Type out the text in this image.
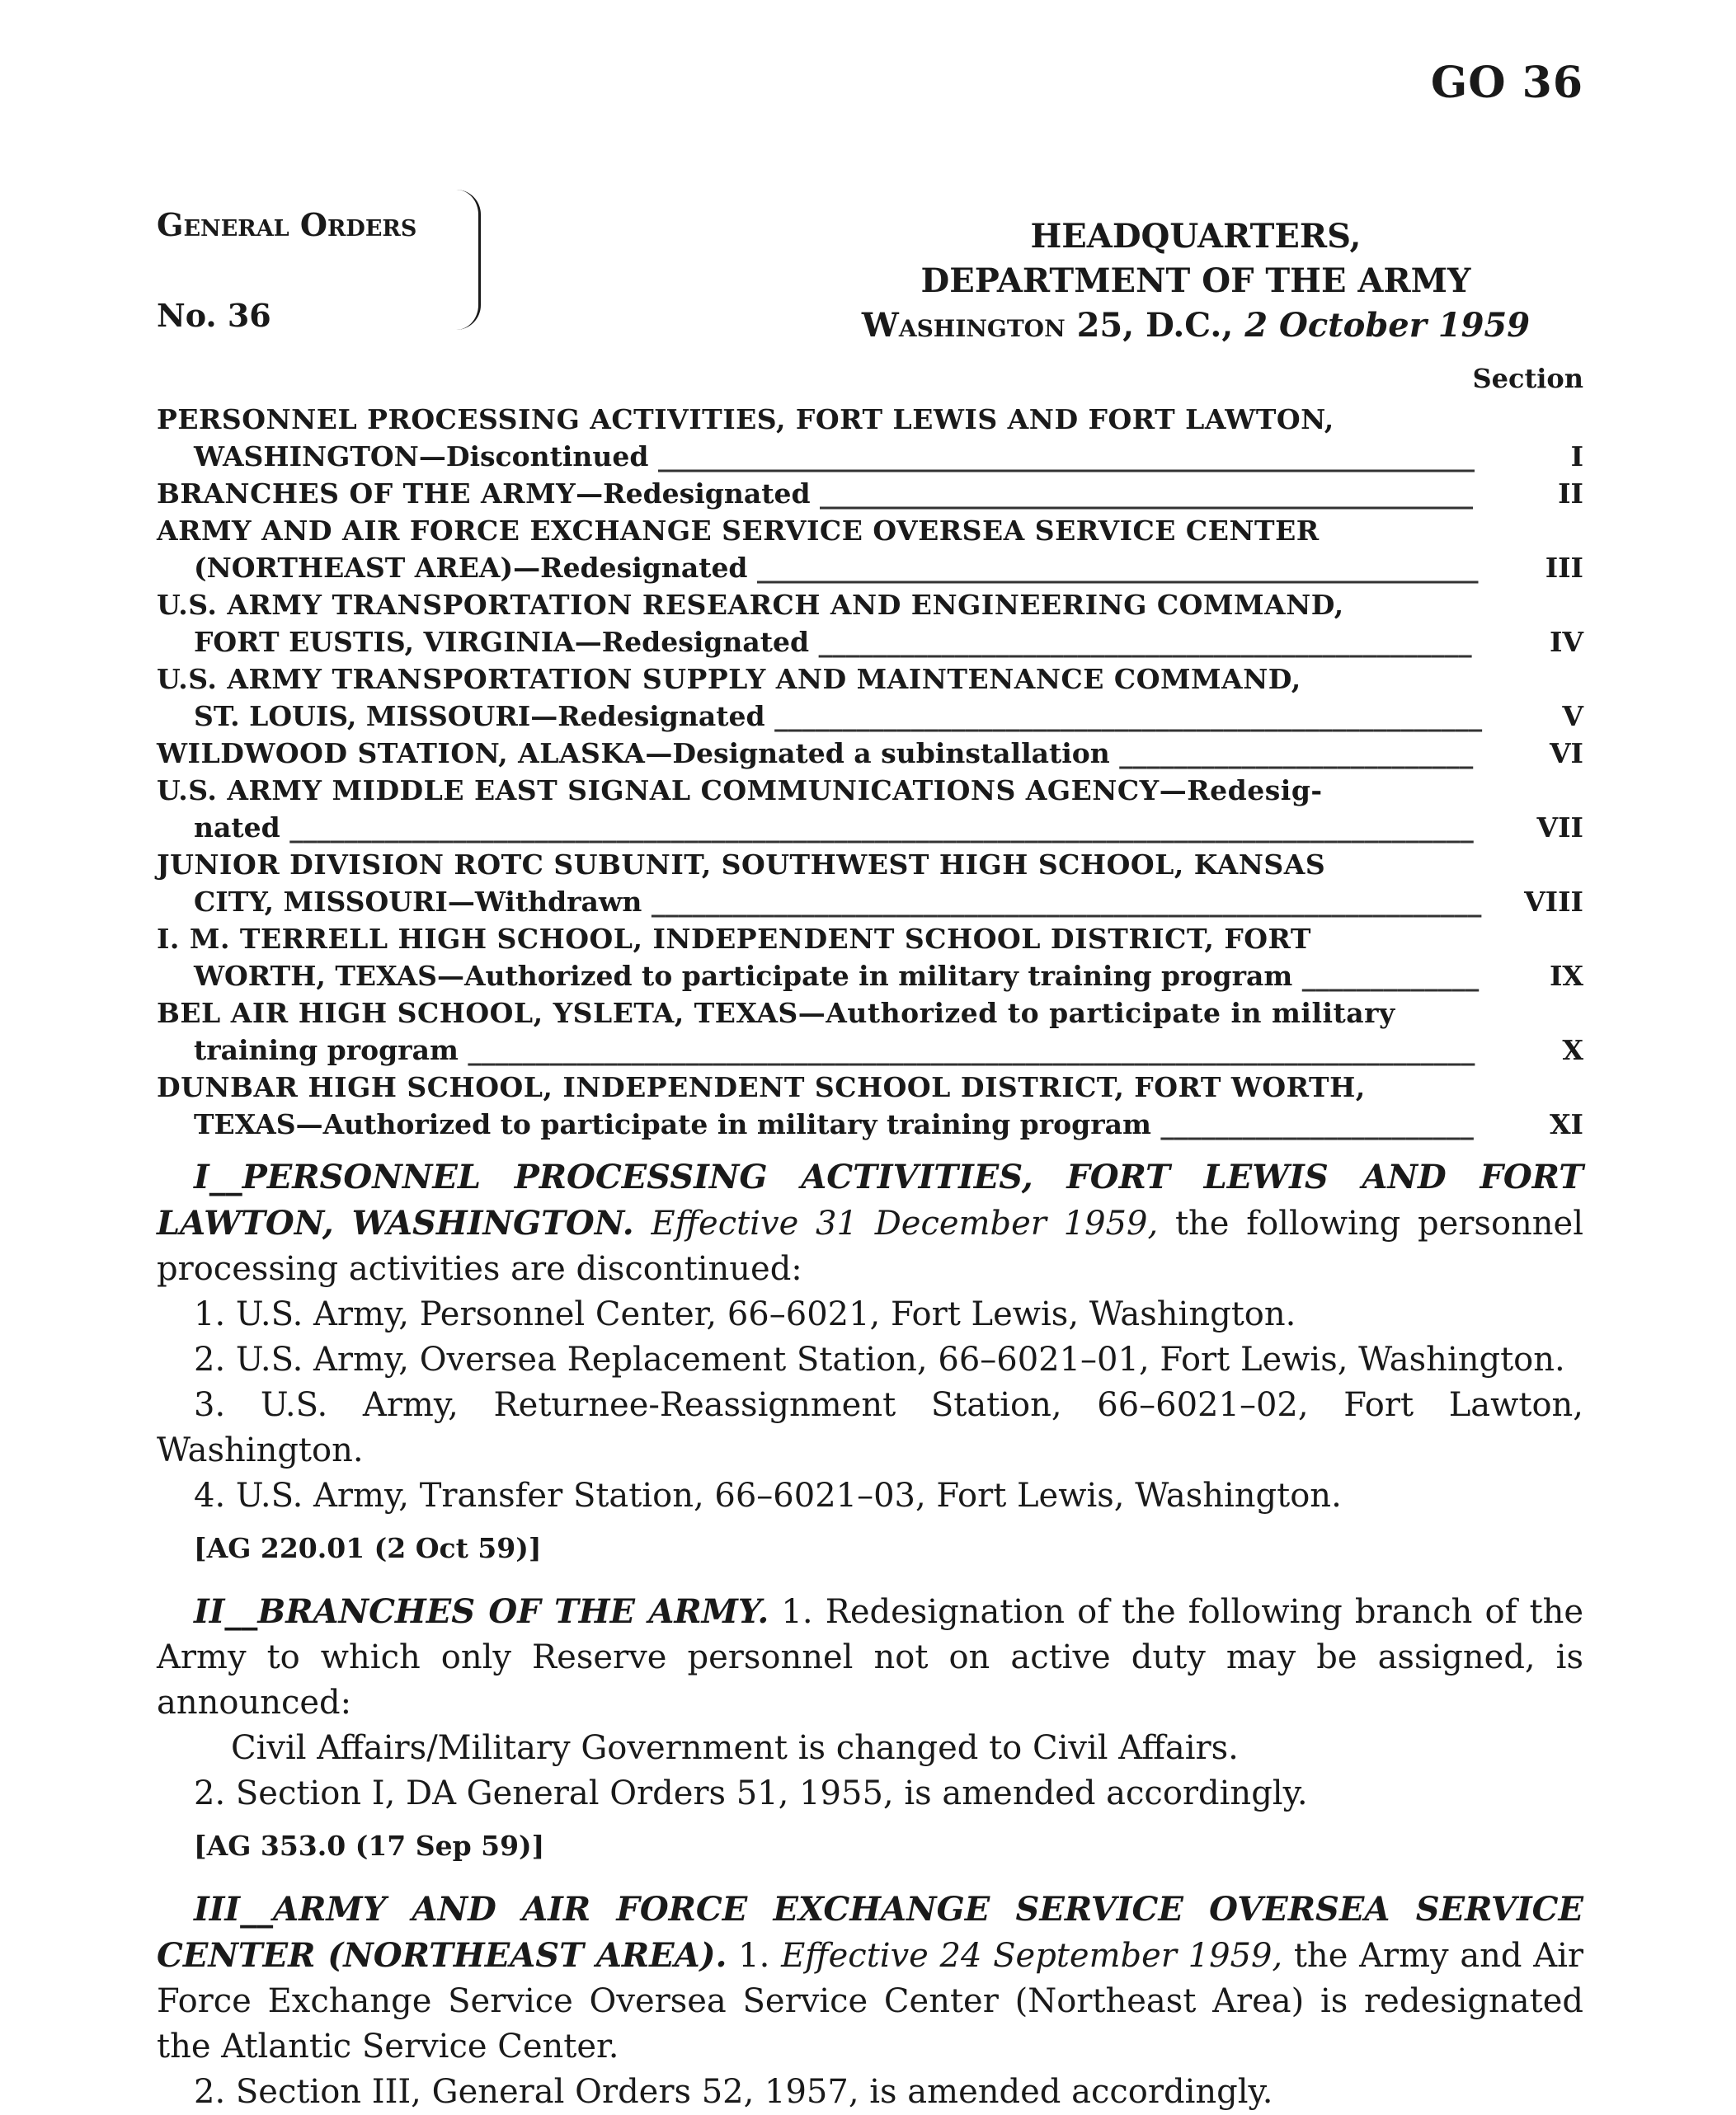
GO 36
General Orders
No. 36
HEADQUARTERS,
DEPARTMENT OF THE ARMY
Washington 25, D.C., 2 October 1959
Section
PERSONNEL PROCESSING ACTIVITIES, FORT LEWIS AND FORT LAWTON,
WASHINGTON—Discontinued ____________________________________________________________	I
BRANCHES OF THE ARMY—Redesignated ________________________________________________	II
ARMY AND AIR FORCE EXCHANGE SERVICE OVERSEA SERVICE CENTER
(NORTHEAST AREA)—Redesignated _____________________________________________________	III
U.S. ARMY TRANSPORTATION RESEARCH AND ENGINEERING COMMAND,
FORT EUSTIS, VIRGINIA—Redesignated ________________________________________________	IV
U.S. ARMY TRANSPORTATION SUPPLY AND MAINTENANCE COMMAND,
ST. LOUIS, MISSOURI—Redesignated ____________________________________________________	V
WILDWOOD STATION, ALASKA—Designated a subinstallation __________________________	VI
U.S. ARMY MIDDLE EAST SIGNAL COMMUNICATIONS AGENCY—Redesig-
nated _______________________________________________________________________________________	VII
JUNIOR DIVISION ROTC SUBUNIT, SOUTHWEST HIGH SCHOOL, KANSAS
CITY, MISSOURI—Withdrawn _____________________________________________________________	VIII
I. M. TERRELL HIGH SCHOOL, INDEPENDENT SCHOOL DISTRICT, FORT
WORTH, TEXAS—Authorized to participate in military training program _____________	IX
BEL AIR HIGH SCHOOL, YSLETA, TEXAS—Authorized to participate in military
training program __________________________________________________________________________	X
DUNBAR HIGH SCHOOL, INDEPENDENT SCHOOL DISTRICT, FORT WORTH,
TEXAS—Authorized to participate in military training program _______________________	XI

I__PERSONNEL PROCESSING ACTIVITIES, FORT LEWIS AND FORT LAWTON, WASHINGTON. Effective 31 December 1959, the following personnel processing activities are discontinued:

1. U.S. Army, Personnel Center, 66–6021, Fort Lewis, Washington.

2. U.S. Army, Oversea Replacement Station, 66–6021–01, Fort Lewis, Washington.

3. U.S. Army, Returnee-Reassignment Station, 66–6021–02, Fort Lawton, Washington.

4. U.S. Army, Transfer Station, 66–6021–03, Fort Lewis, Washington.

[AG 220.01 (2 Oct 59)]

II__BRANCHES OF THE ARMY. 1. Redesignation of the following branch of the Army to which only Reserve personnel not on active duty may be assigned, is announced:

Civil Affairs/Military Government is changed to Civil Affairs.

2. Section I, DA General Orders 51, 1955, is amended accordingly.

[AG 353.0 (17 Sep 59)]

III__ARMY AND AIR FORCE EXCHANGE SERVICE OVERSEA SERVICE CENTER (NORTHEAST AREA). 1. Effective 24 September 1959, the Army and Air Force Exchange Service Oversea Service Center (Northeast Area) is redesignated the Atlantic Service Center.

2. Section III, General Orders 52, 1957, is amended accordingly.
